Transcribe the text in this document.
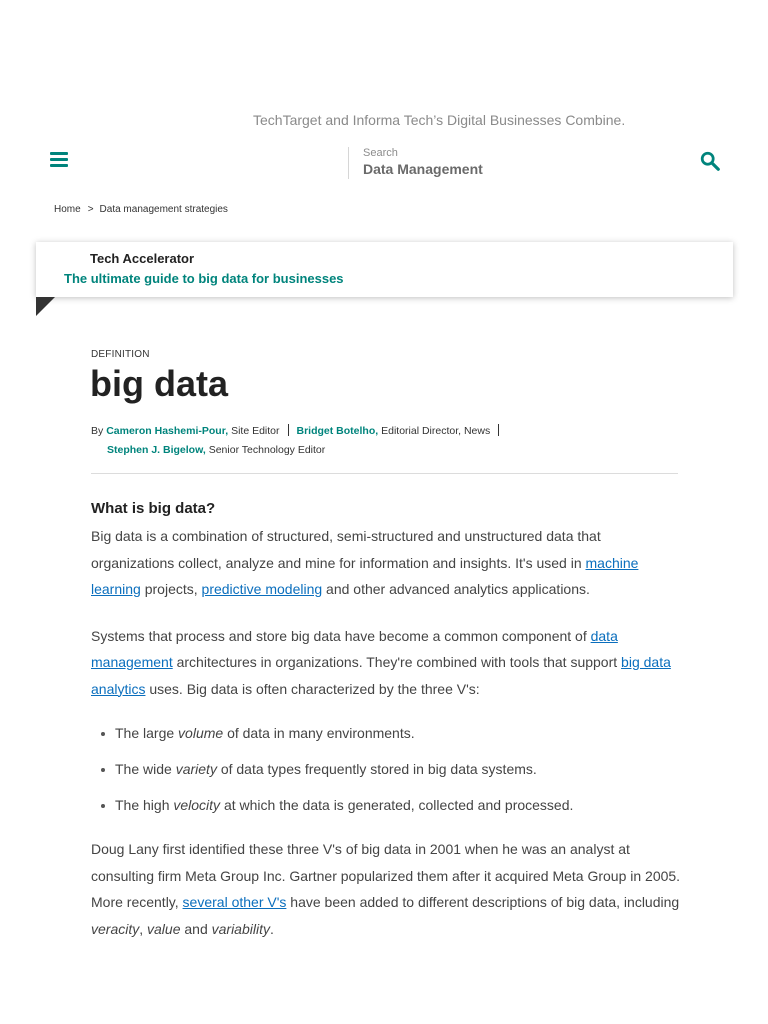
TechTarget and Informa Tech’s Digital Businesses Combine.
Search
Data Management
Home > Data management strategies
Tech Accelerator
The ultimate guide to big data for businesses
DEFINITION
big data
By Cameron Hashemi-Pour, Site Editor Bridget Botelho, Editorial Director, News
Stephen J. Bigelow, Senior Technology Editor
What is big data?

Big data is a combination of structured, semi-structured and unstructured data that organizations collect, analyze and mine for information and insights. It's used in machine learning projects, predictive modeling and other advanced analytics applications.

Systems that process and store big data have become a common component of data management architectures in organizations. They're combined with tools that support big data analytics uses. Big data is often characterized by the three V's:

The large volume of data in many environments.
The wide variety of data types frequently stored in big data systems.
The high velocity at which the data is generated, collected and processed.

Doug Lany first identified these three V's of big data in 2001 when he was an analyst at consulting firm Meta Group Inc. Gartner popularized them after it acquired Meta Group in 2005. More recently, several other V's have been added to different descriptions of big data, including veracity, value and variability.
